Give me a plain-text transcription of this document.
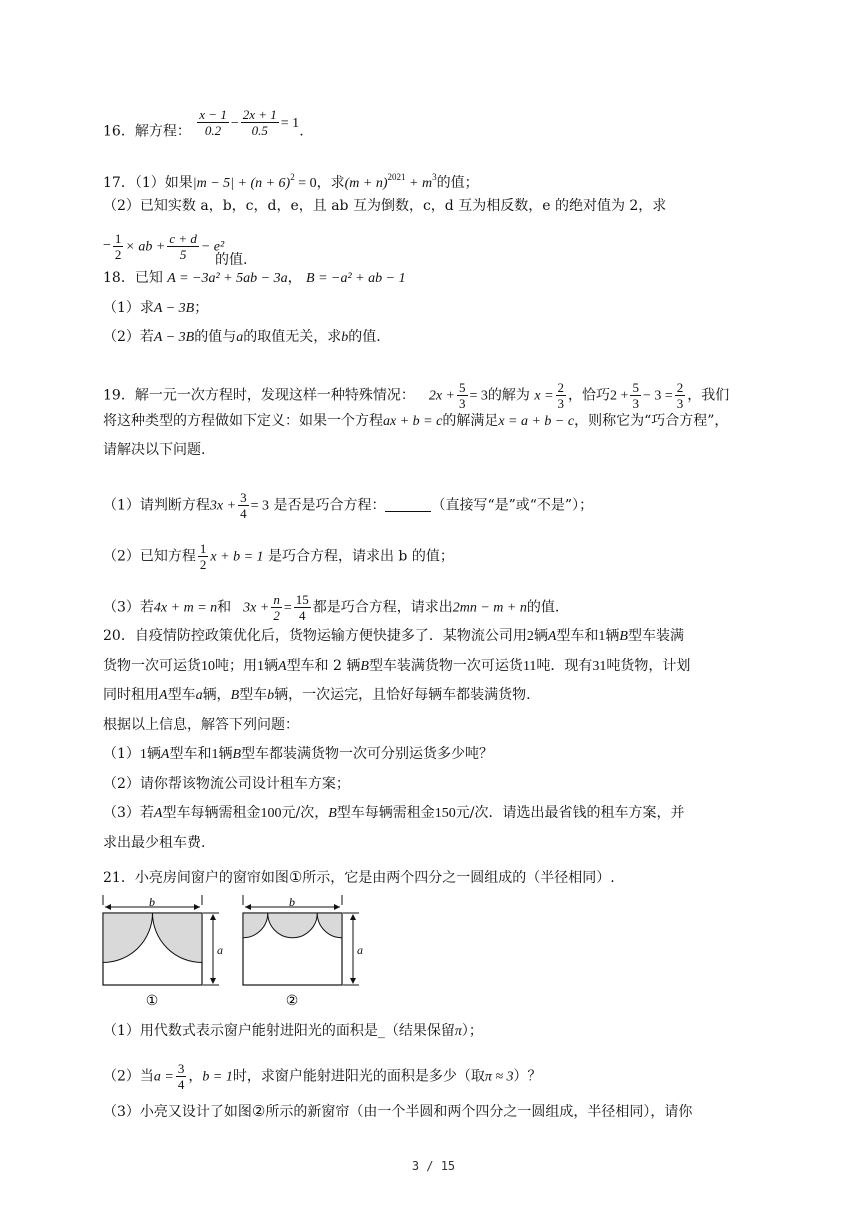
16．解方程： $\frac{x - 1}{0.2} - \frac{2x + 1}{0.5} = 1$.
17．（1）如果$|m - 5| + (n + 6)^2 = 0$，求$(m + n)^{2021} + m^3$的值；
（2）已知实数 a，b，c，d，e，且 ab 互为倒数，c，d 互为相反数，e 的绝对值为 2，求
− $\frac{1}{2}$ × ab + $\frac{c + d}{5} - e^2$
的值.
18．已知 A = −3a² + 5ab − 3a， B = −a² + ab − 1
（1）求A − 3B；
（2）若A − 3B的值与a的取值无关，求b的值.
19．解一元一次方程时，发现这样一种特殊情况： $2x + \frac{5}{3} = 3$的解为 $x = \frac{2}{3}$ ，恰巧$2 + \frac{5}{3} - 3 = \frac{2}{3}$ ，我们
将这种类型的方程做如下定义：如果一个方程ax + b = c的解满足x = a + b − c，则称它为“巧合方程”，
请解决以下问题.
（1）请判断方程$3x + \frac{3}{4} = 3$ 是否是巧合方程：	（直接写“是”或“不是”）；
（2）已知方程 $\frac{1}{2}$ x + b = 1 是巧合方程，请求出 b 的值；
（3）若4x + m = n和 $3x + \frac{n}{2} = \frac{15}{4}$ 都是巧合方程，请求出2mn − m + n的值.
20．自疫情防控政策优化后，货物运输方便快捷多了．某物流公司用2辆A型车和1辆B型车装满
货物一次可运货10吨；用1辆A型车和 2 辆B型车装满货物一次可运货11吨．现有31吨货物，计划
同时租用A型车a辆，B型车b辆，一次运完，且恰好每辆车都装满货物.
根据以上信息，解答下列问题：
（1）1辆A型车和1辆B型车都装满货物一次可分别运货多少吨？
（2）请你帮该物流公司设计租车方案；
（3）若A型车每辆需租金100元/次，B型车每辆需租金150元/次．请选出最省钱的租车方案，并
求出最少租车费.
21．小亮房间窗户的窗帘如图①所示，它是由两个四分之一圆组成的（半径相同）.
b
a
①
b
a
②
（1）用代数式表示窗户能射进阳光的面积是_（结果保留π）；
（2）当$a = \frac{3}{4}$ ，b = 1时，求窗户能射进阳光的面积是多少（取π ≈ 3）？
（3）小亮又设计了如图②所示的新窗帘（由一个半圆和两个四分之一圆组成，半径相同），请你
3 / 15
